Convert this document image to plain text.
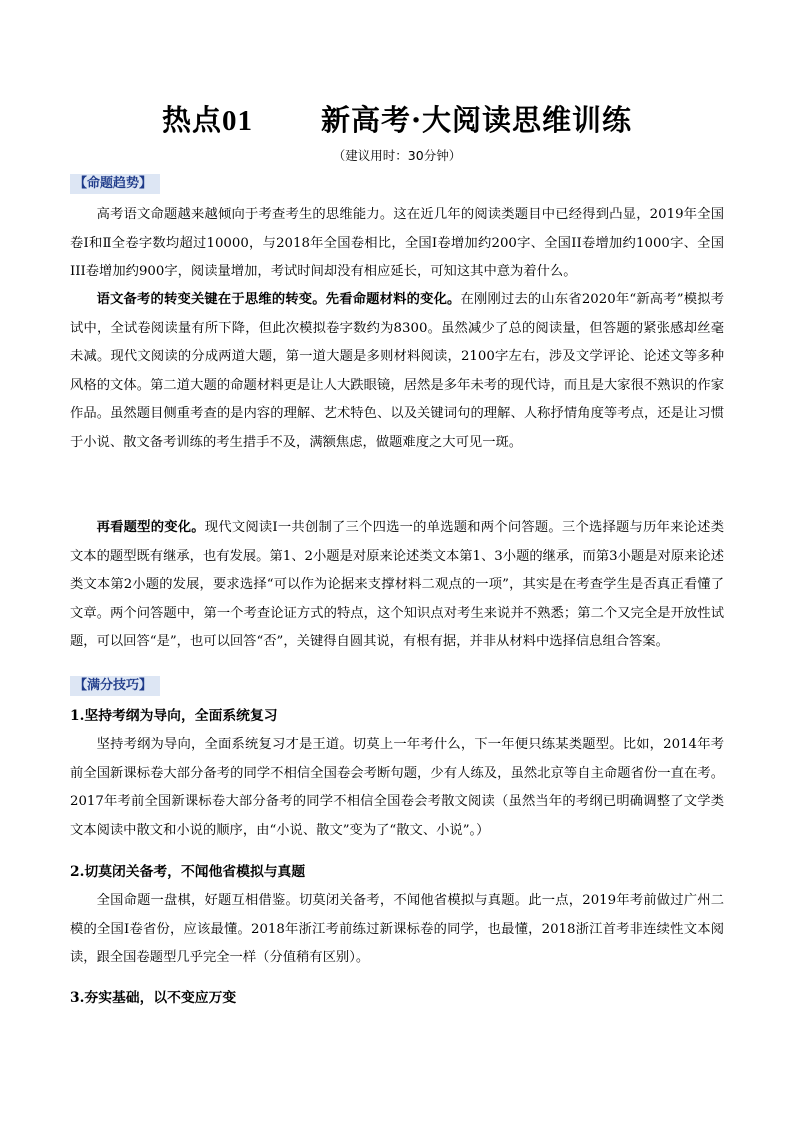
热点01 新高考·大阅读思维训练
（建议用时：30分钟）
【命题趋势】
高考语文命题越来越倾向于考查考生的思维能力。这在近几年的阅读类题目中已经得到凸显，2019年全国卷Ⅰ和Ⅱ全卷字数均超过10000，与2018年全国卷相比，全国I卷增加约200字、全国II卷增加约1000字、全国III卷增加约900字，阅读量增加，考试时间却没有相应延长，可知这其中意为着什么。
语文备考的转变关键在于思维的转变。先看命题材料的变化。在刚刚过去的山东省2020年“新高考”模拟考试中，全试卷阅读量有所下降，但此次模拟卷字数约为8300。虽然减少了总的阅读量，但答题的紧张感却丝毫未减。现代文阅读的分成两道大题，第一道大题是多则材料阅读，2100字左右，涉及文学评论、论述文等多种风格的文体。第二道大题的命题材料更是让人大跌眼镜，居然是多年未考的现代诗，而且是大家很不熟识的作家作品。虽然题目侧重考查的是内容的理解、艺术特色、以及关键词句的理解、人称抒情角度等考点，还是让习惯于小说、散文备考训练的考生措手不及，满额焦虑，做题难度之大可见一斑。
再看题型的变化。现代文阅读I一共创制了三个四选一的单选题和两个问答题。三个选择题与历年来论述类文本的题型既有继承，也有发展。第1、2小题是对原来论述类文本第1、3小题的继承，而第3小题是对原来论述类文本第2小题的发展，要求选择“可以作为论据来支撑材料二观点的一项”，其实是在考查学生是否真正看懂了文章。两个问答题中，第一个考查论证方式的特点，这个知识点对考生来说并不熟悉；第二个又完全是开放性试题，可以回答“是”，也可以回答“否”，关键得自圆其说，有根有据，并非从材料中选择信息组合答案。
【满分技巧】
1.坚持考纲为导向，全面系统复习
坚持考纲为导向，全面系统复习才是王道。切莫上一年考什么，下一年便只练某类题型。比如，2014年考前全国新课标卷大部分备考的同学不相信全国卷会考断句题，少有人练及，虽然北京等自主命题省份一直在考。2017年考前全国新课标卷大部分备考的同学不相信全国卷会考散文阅读（虽然当年的考纲已明确调整了文学类文本阅读中散文和小说的顺序，由“小说、散文”变为了“散文、小说”。）
2.切莫闭关备考，不闻他省模拟与真题
全国命题一盘棋，好题互相借鉴。切莫闭关备考，不闻他省模拟与真题。此一点，2019年考前做过广州二模的全国I卷省份，应该最懂。2018年浙江考前练过新课标卷的同学，也最懂，2018浙江首考非连续性文本阅读，跟全国卷题型几乎完全一样（分值稍有区别）。
3.夯实基础，以不变应万变
